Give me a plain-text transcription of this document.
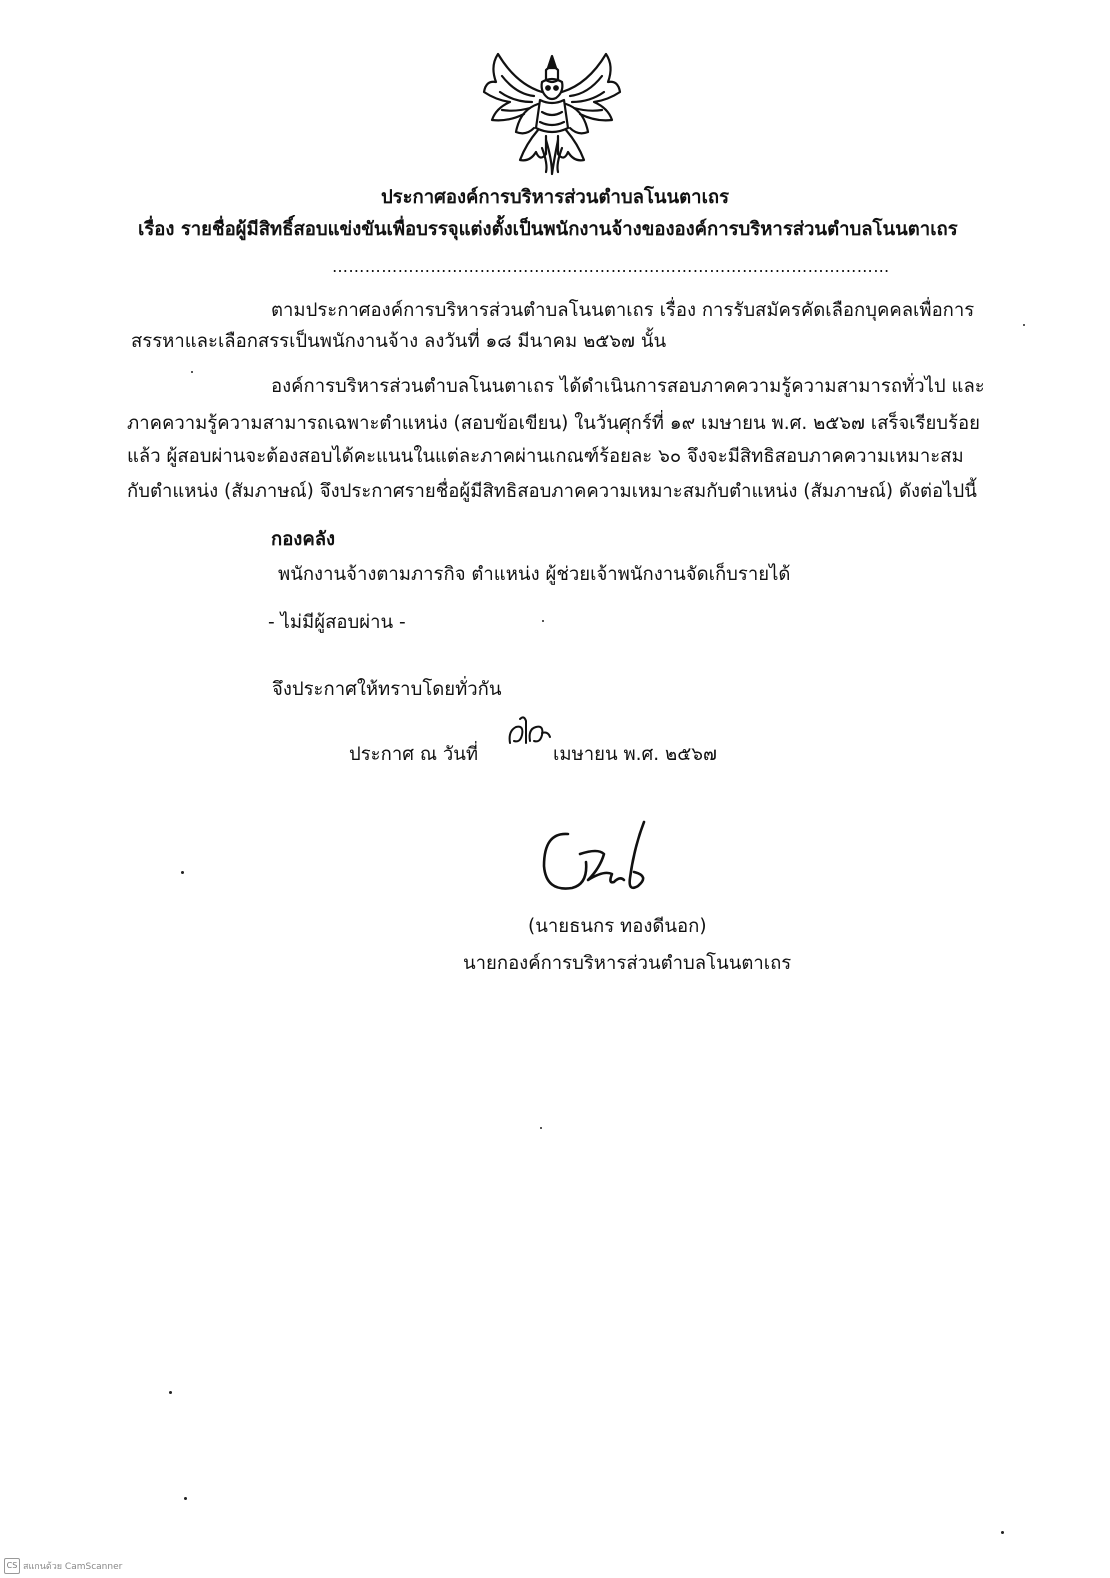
ประกาศองค์การบริหารส่วนตำบลโนนตาเถร
เรื่อง รายชื่อผู้มีสิทธิ์สอบแข่งขันเพื่อบรรจุแต่งตั้งเป็นพนักงานจ้างขององค์การบริหารส่วนตำบลโนนตาเถร
…………………………………………………………………………………………
ตามประกาศองค์การบริหารส่วนตำบลโนนตาเถร เรื่อง การรับสมัครคัดเลือกบุคคลเพื่อการ
สรรหาและเลือกสรรเป็นพนักงานจ้าง ลงวันที่ ๑๘ มีนาคม ๒๕๖๗ นั้น
องค์การบริหารส่วนตำบลโนนตาเถร ได้ดำเนินการสอบภาคความรู้ความสามารถทั่วไป และ
ภาคความรู้ความสามารถเฉพาะตำแหน่ง (สอบข้อเขียน) ในวันศุกร์ที่ ๑๙ เมษายน พ.ศ. ๒๕๖๗ เสร็จเรียบร้อย
แล้ว ผู้สอบผ่านจะต้องสอบได้คะแนนในแต่ละภาคผ่านเกณฑ์ร้อยละ ๖๐ จึงจะมีสิทธิสอบภาคความเหมาะสม
กับตำแหน่ง (สัมภาษณ์) จึงประกาศรายชื่อผู้มีสิทธิสอบภาคความเหมาะสมกับตำแหน่ง (สัมภาษณ์) ดังต่อไปนี้
กองคลัง
พนักงานจ้างตามภารกิจ ตำแหน่ง ผู้ช่วยเจ้าพนักงานจัดเก็บรายได้
- ไม่มีผู้สอบผ่าน -
จึงประกาศให้ทราบโดยทั่วกัน
ประกาศ ณ วันที่	เมษายน พ.ศ. ๒๕๖๗
(นายธนกร ทองดีนอก)
นายกองค์การบริหารส่วนตำบลโนนตาเถร
CS สแกนด้วย CamScanner
